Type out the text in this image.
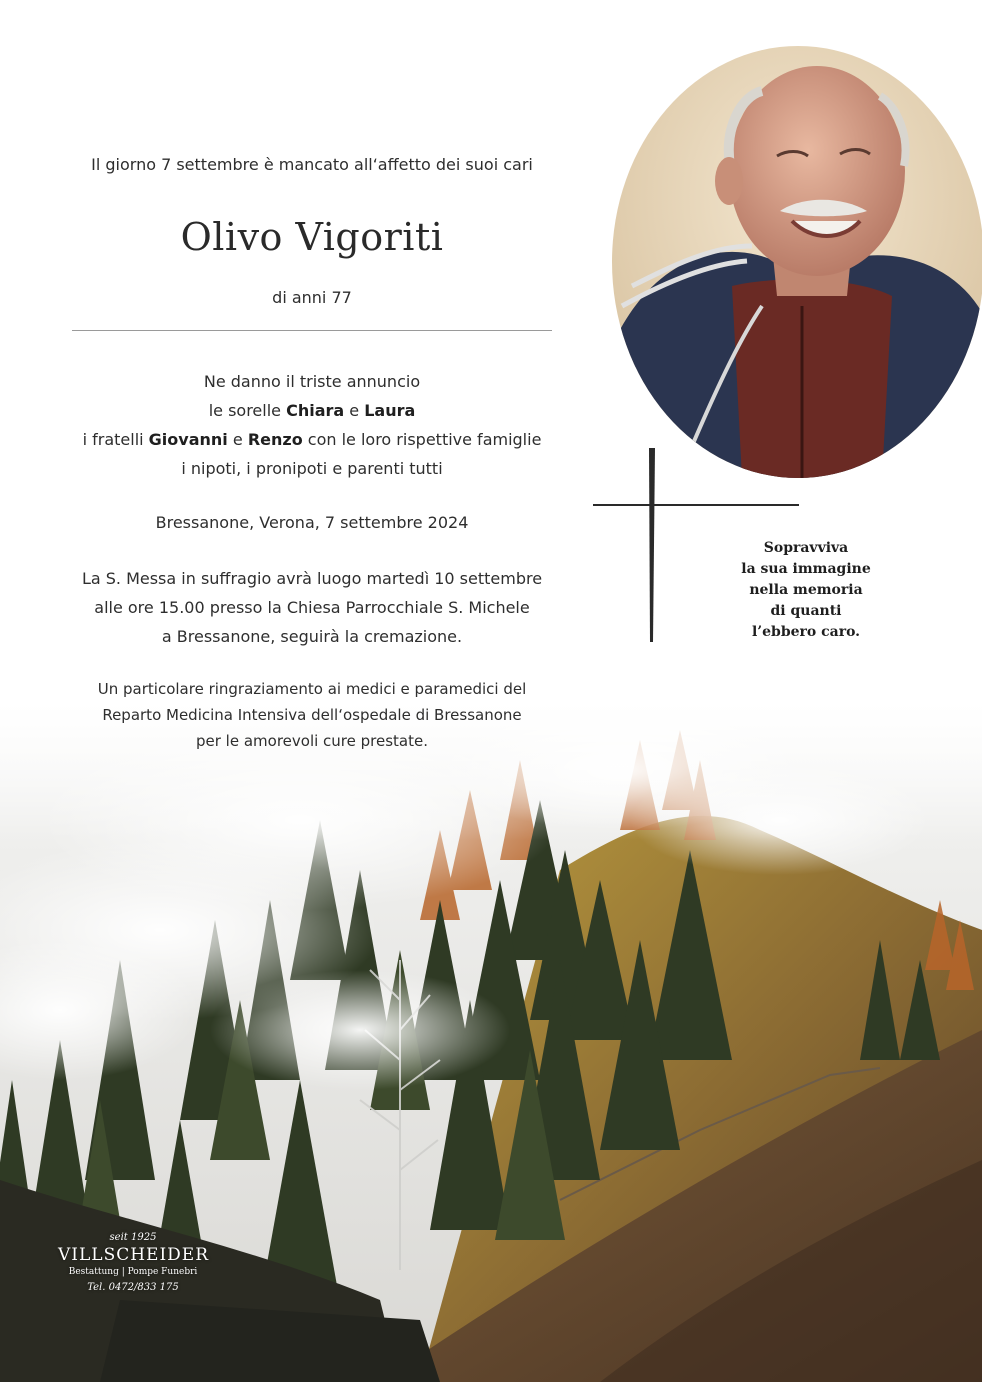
Il giorno 7 settembre è mancato all‘affetto dei suoi cari
Olivo Vigoriti
di anni 77
Ne danno il triste annuncio
le sorelle Chiara e Laura
i fratelli Giovanni e Renzo con le loro rispettive famiglie
i nipoti, i pronipoti e parenti tutti
Bressanone, Verona, 7 settembre 2024
La S. Messa in suffragio avrà luogo martedì 10 settembre
alle ore 15.00 presso la Chiesa Parrocchiale S. Michele
a Bressanone, seguirà la cremazione.
Un particolare ringraziamento ai medici e paramedici del
Reparto Medicina Intensiva dell‘ospedale di Bressanone
per le amorevoli cure prestate.
Sopravviva
la sua immagine
nella memoria
di quanti
l’ebbero caro.
seit 1925
VILLSCHEIDER
Bestattung | Pompe Funebri
Tel. 0472/833 175
